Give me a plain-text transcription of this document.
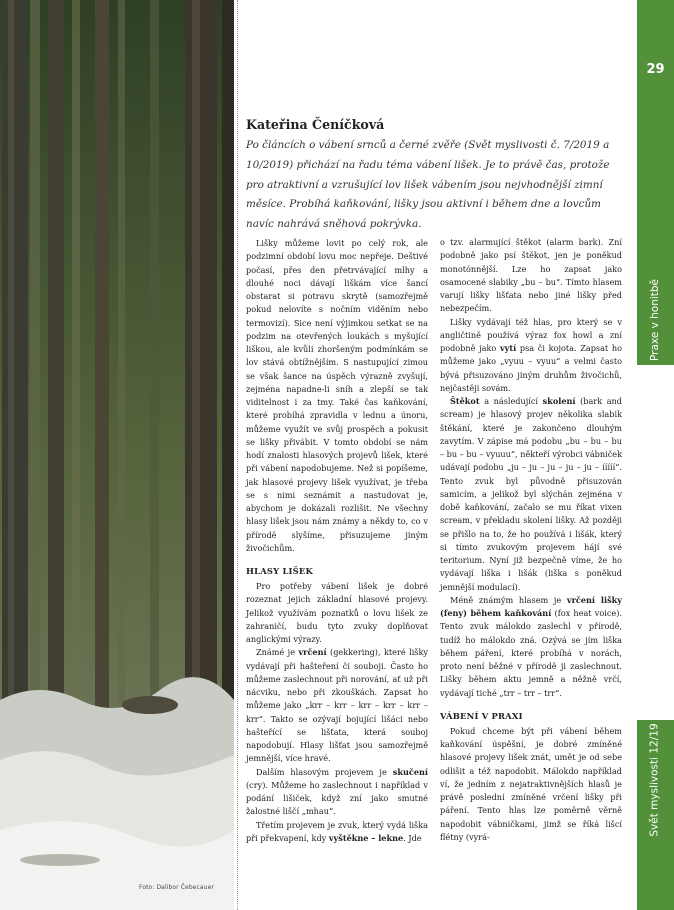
Foto: Dalibor Čebecauer
29
Praxe v honitbě
Svět myslivosti 12/19
Kateřina Čeníčková

Po článcích o vábení srnců a černé zvěře (Svět myslivosti č. 7/2019 a 10/2019) přichází na řadu téma vábení lišek. Je to právě čas, protože pro atraktivní a vzrušující lov lišek vábením jsou nejvhodnější zimní měsíce. Probíhá kaňkování, lišky jsou aktivní i během dne a lovcům navíc nahrává sněhová pokrývka.

Lišky můžeme lovit po celý rok, ale podzimní období lovu moc nepřeje. Deštivé počasí, přes den přetrvávající mlhy a dlouhé noci dávají liškám více šancí obstarat si potravu skrytě (samozřejmě pokud nelovíte s nočním viděním nebo termovizí). Sice není výjimkou setkat se na podzim na otevřených loukách s myšující liškou, ale kvůli zhoršeným podmínkám se lov stává obtížnějším. S nastupující zimou se však šance na úspěch výrazně zvyšují, zejména napadne-li sníh a zlepší se tak viditelnost i za tmy. Také čas kaňkování, které probíhá zpravidla v lednu a únoru, můžeme využít ve svůj prospěch a pokusit se lišky přivábit. V tomto období se nám hodí znalosti hlasových projevů lišek, které při vábení napodobujeme. Než si popíšeme, jak hlasové projevy lišek využívat, je třeba se s nimi seznámit a nastudovat je, abychom je dokázali rozlišit. Ne všechny hlasy lišek jsou nám známy a někdy to, co v přírodě slyšíme, přisuzujeme jiným živočichům.

HLASY LIŠEK

Pro potřeby vábení lišek je dobré rozeznat jejich základní hlasové projevy. Jelikož využívám poznatků o lovu lišek ze zahraničí, budu tyto zvuky doplňovat anglickými výrazy.

Známé je vrčení (gekkering), které lišky vydávají při hašteření či souboji. Často ho můžeme zaslechnout při norování, ať už při nácviku, nebo při zkouškách. Zapsat ho můžeme jako „krr – krr – krr – krr – krr – krr“. Takto se ozývají bojující lišáci nebo hašteřící se lišťata, která souboj napodobují. Hlasy lišťat jsou samozřejmě jemnější, více hravé.

Dalším hlasovým projevem je skučení (cry). Můžeme ho zaslechnout i například v podání lišiček, když zní jako smutné žalostné liščí „mhau“.

Třetím projevem je zvuk, který vydá liška při překvapení, kdy vyštěkne – lekne. Jde

o tzv. alarmující štěkot (alarm bark). Zní podobně jako psí štěkot, jen je poněkud monotónnější. Lze ho zapsat jako osamocené slabiky „bu – bu“. Tímto hlasem varují lišky lišťata nebo jiné lišky před nebezpečím.

Lišky vydávají též hlas, pro který se v angličtině používá výraz fox howl a zní podobně jako vytí psa či kojota. Zapsat ho můžeme jako „vyuu – vyuu“ a velmi často bývá přisuzováno jiným druhům živočichů, nejčastěji sovám.

Štěkot a následující skolení (bark and scream) je hlasový projev několika slabik štěkání, které je zakončeno dlouhým zavytím. V zápise má podobu „bu – bu – bu – bu – bu – vyuuu“, někteří výrobci vábniček udávají podobu „ju – ju – ju – ju – ju – ííííí“. Tento zvuk byl původně přisuzován samicím, a jelikož byl slýchán zejména v době kaňkování, začalo se mu říkat vixen scream, v překladu skolení lišky. Až později se přišlo na to, že ho používá i lišák, který si tímto zvukovým projevem hájí své teritorium. Nyní již bezpečně víme, že ho vydávají liška i lišák (liška s poněkud jemnější modulací).

Méně známým hlasem je vrčení lišky (feny) během kaňkování (fox heat voice). Tento zvuk málokdo zaslechl v přírodě, tudíž ho málokdo zná. Ozývá se jím liška během páření, které probíhá v norách, proto není běžné v přírodě ji zaslechnout. Lišky během aktu jemně a něžně vrčí, vydávají tiché „trr – trr – trr“.

VÁBENÍ V PRAXI

Pokud chceme být při vábení během kaňkování úspěšní, je dobré zmíněné hlasové projevy lišek znát, umět je od sebe odlišit a též napodobit. Málokdo například ví, že jedním z nejatraktivnějších hlasů je právě poslední zmíněné vrčení lišky při páření. Tento hlas lze poměrně věrně napodobit vábničkami, jimž se říká lišcí flétny (vyrá-
